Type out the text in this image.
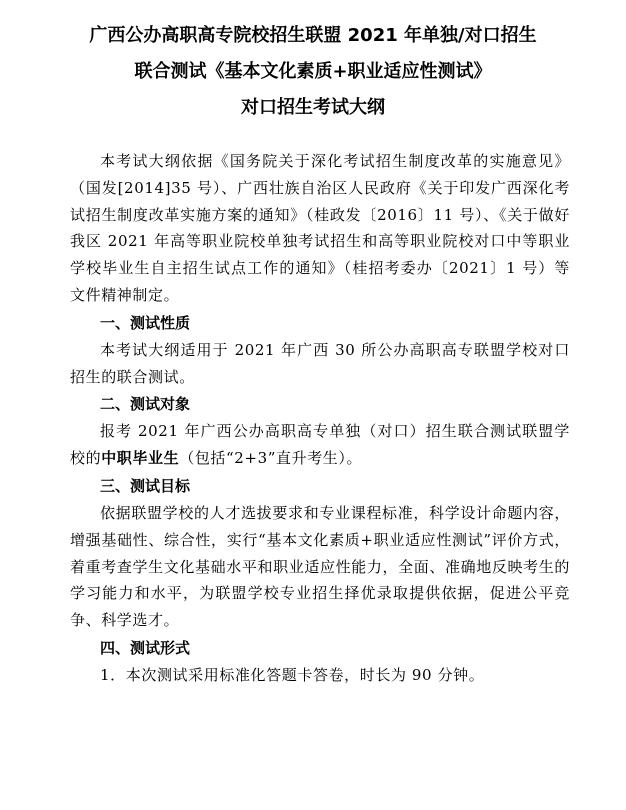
广西公办高职高专院校招生联盟 2021 年单独/对口招生
联合测试《基本文化素质+职业适应性测试》
对口招生考试大纲

本考试大纲依据《国务院关于深化考试招生制度改革的实施意见》（国发[2014]35 号）、广西壮族自治区人民政府《关于印发广西深化考试招生制度改革实施方案的通知》（桂政发〔2016〕11 号）、《关于做好我区 2021 年高等职业院校单独考试招生和高等职业院校对口中等职业学校毕业生自主招生试点工作的通知》（桂招考委办〔2021〕1 号）等文件精神制定。

一、测试性质

本考试大纲适用于 2021 年广西 30 所公办高职高专联盟学校对口招生的联合测试。

二、测试对象

报考 2021 年广西公办高职高专单独（对口）招生联合测试联盟学校的中职毕业生（包括“2+3”直升考生）。

三、测试目标

依据联盟学校的人才选拔要求和专业课程标准，科学设计命题内容，增强基础性、综合性，实行“基本文化素质+职业适应性测试”评价方式，着重考查学生文化基础水平和职业适应性能力，全面、准确地反映考生的学习能力和水平，为联盟学校专业招生择优录取提供依据，促进公平竞争、科学选才。

四、测试形式

1．本次测试采用标准化答题卡答卷，时长为 90 分钟。
